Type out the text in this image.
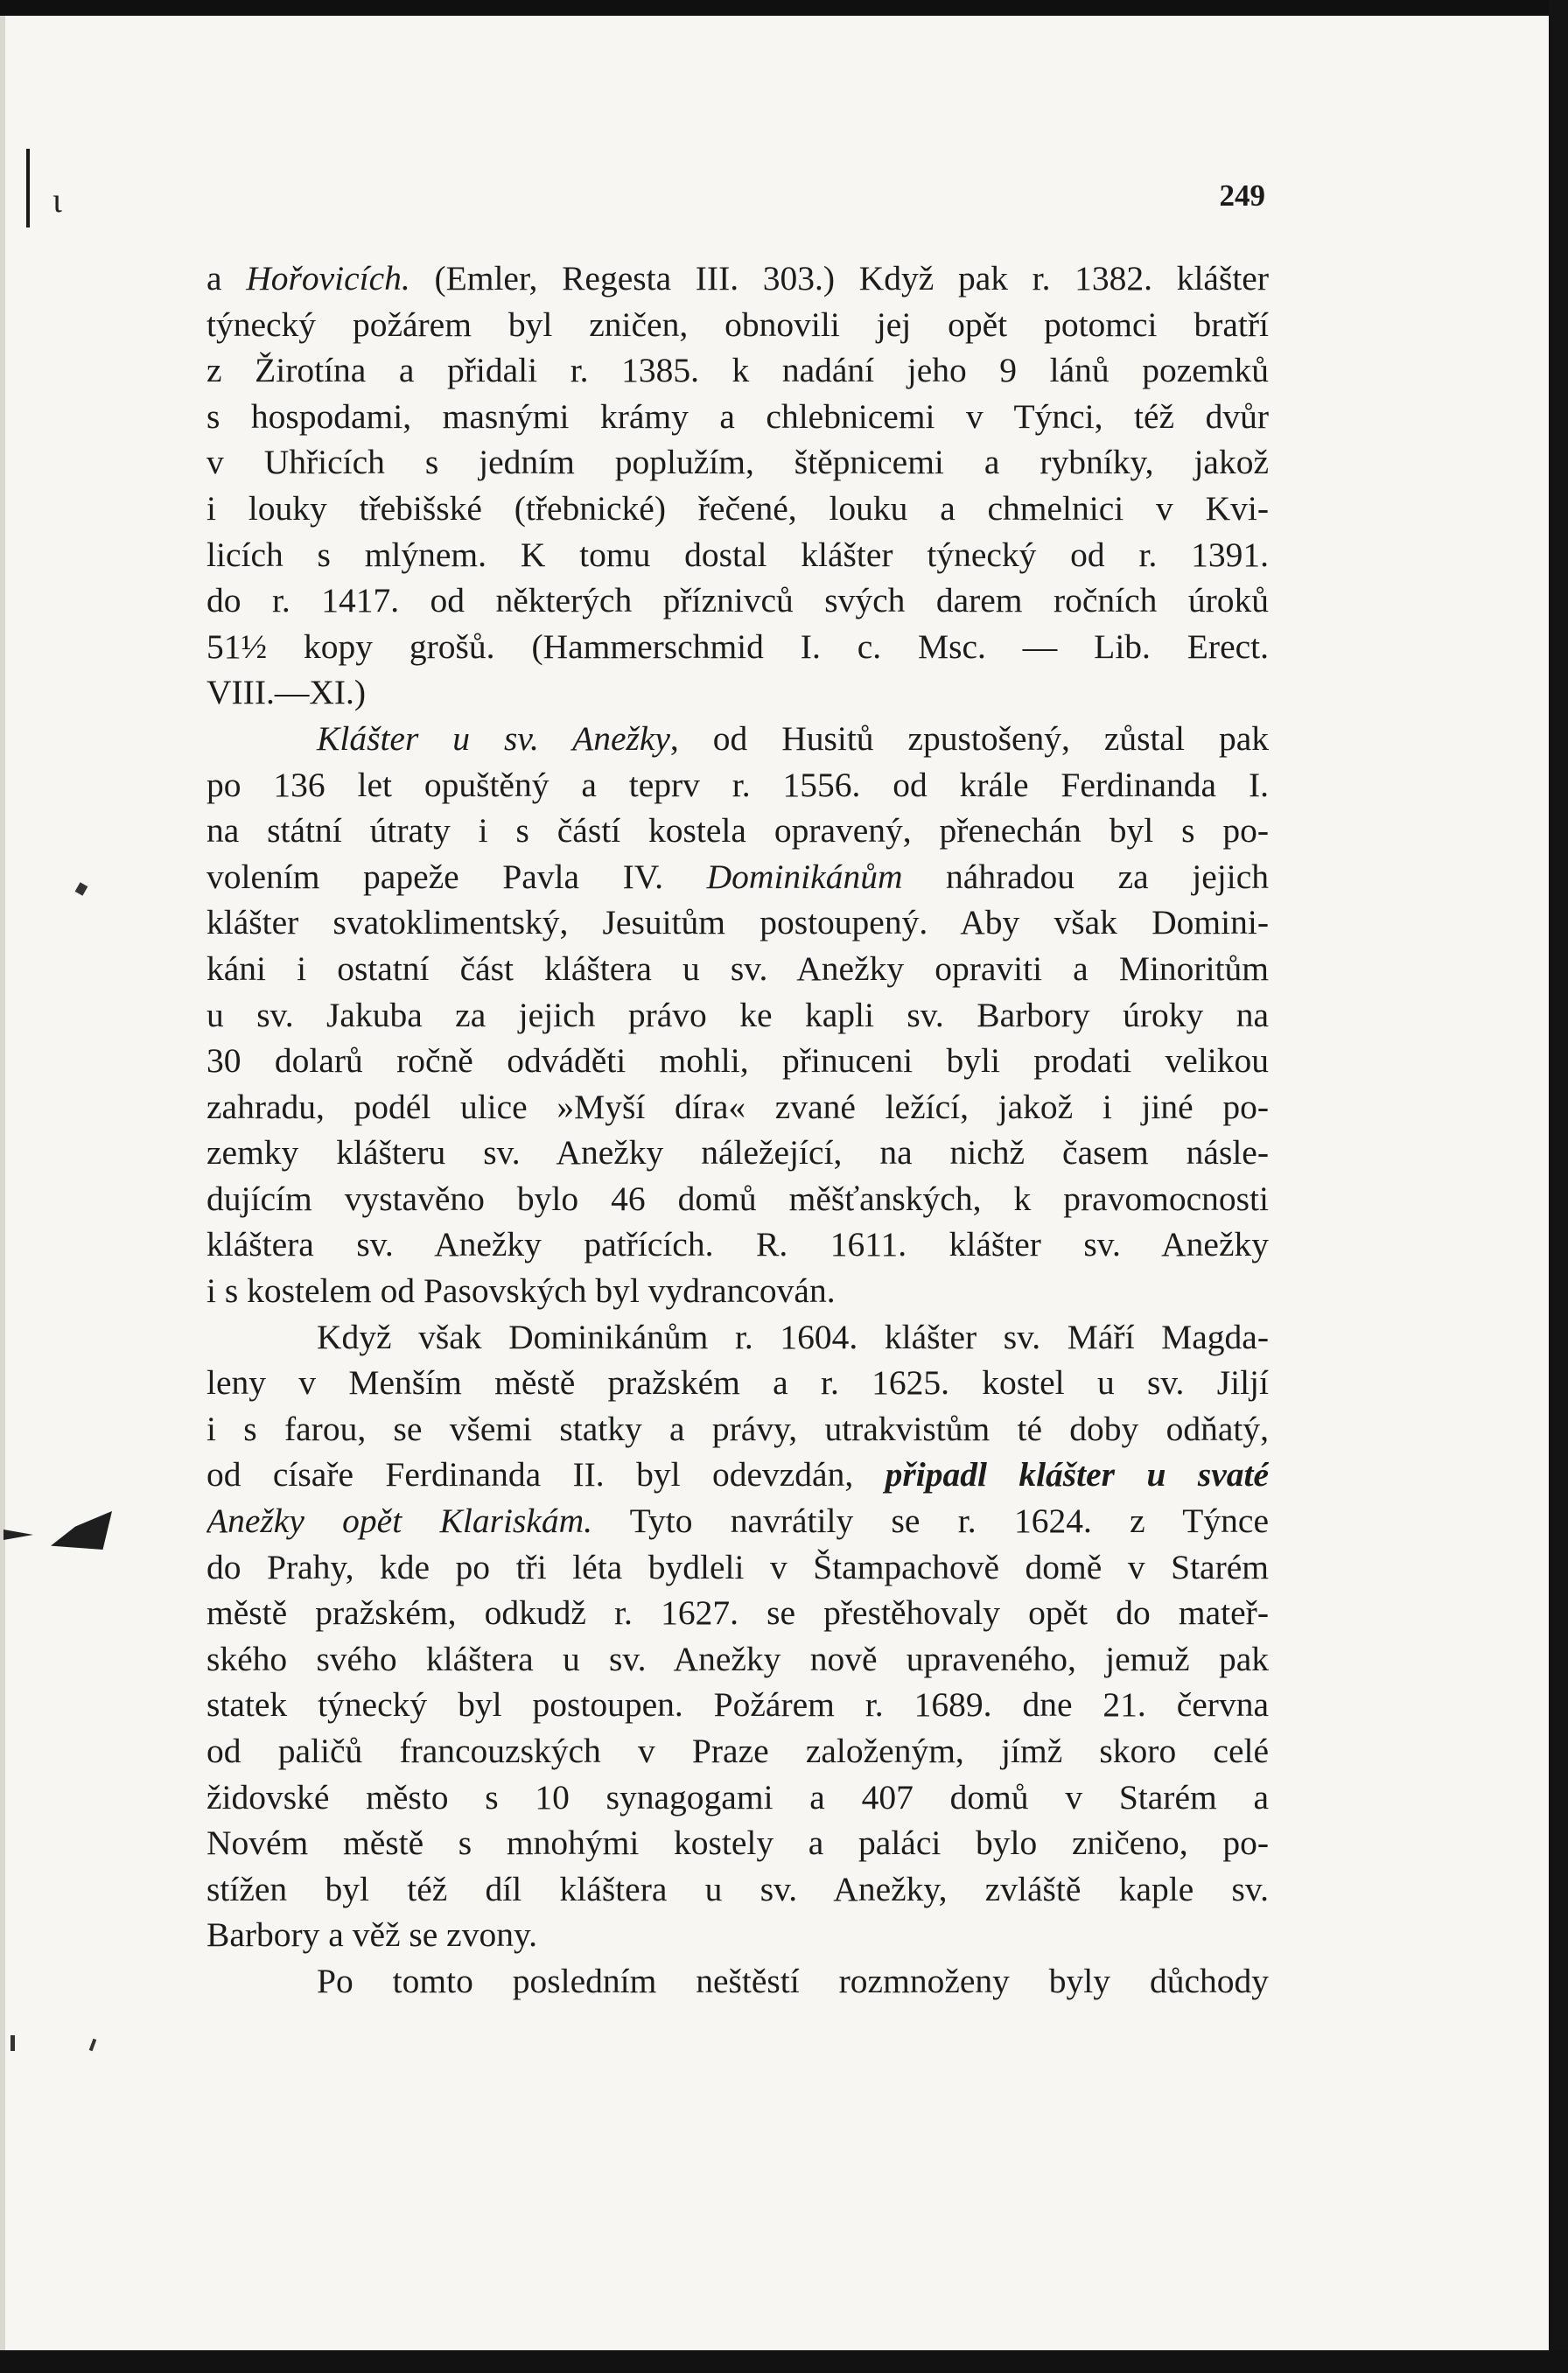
ɩ	249
a Hořovicích. (Emler, Regesta III. 303.) Když pak r. 1382. klášter
týnecký požárem byl zničen, obnovili jej opět potomci bratří
z Žirotína a přidali r. 1385. k nadání jeho 9 lánů pozemků
s hospodami, masnými krámy a chlebnicemi v Týnci, též dvůr
v Uhřicích s jedním poplužím, štěpnicemi a rybníky, jakož
i louky třebišské (třebnické) řečené, louku a chmelnici v Kvi-
licích s mlýnem. K tomu dostal klášter týnecký od r. 1391.
do r. 1417. od některých příznivců svých darem ročních úroků
51½ kopy grošů. (Hammerschmid I. c. Msc. — Lib. Erect.
VIII.—XI.)
Klášter u sv. Anežky, od Husitů zpustošený, zůstal pak
po 136 let opuštěný a teprv r. 1556. od krále Ferdinanda I.
na státní útraty i s částí kostela opravený, přenechán byl s po-
volením papeže Pavla IV. Dominikánům náhradou za jejich
klášter svatoklimentský, Jesuitům postoupený. Aby však Domini-
káni i ostatní část kláštera u sv. Anežky opraviti a Minoritům
u sv. Jakuba za jejich právo ke kapli sv. Barbory úroky na
30 dolarů ročně odváděti mohli, přinuceni byli prodati velikou
zahradu, podél ulice »Myší díra« zvané ležící, jakož i jiné po-
zemky klášteru sv. Anežky náležející, na nichž časem násle-
dujícím vystavěno bylo 46 domů měšťanských, k pravomocnosti
kláštera sv. Anežky patřících. R. 1611. klášter sv. Anežky
i s kostelem od Pasovských byl vydrancován.
Když však Dominikánům r. 1604. klášter sv. Máří Magda-
leny v Menším městě pražském a r. 1625. kostel u sv. Jiljí
i s farou, se všemi statky a právy, utrakvistům té doby odňatý,
od císaře Ferdinanda II. byl odevzdán, připadl klášter u svaté
Anežky opět Klariskám. Tyto navrátily se r. 1624. z Týnce
do Prahy, kde po tři léta bydleli v Štampachově domě v Starém
městě pražském, odkudž r. 1627. se přestěhovaly opět do mateř-
ského svého kláštera u sv. Anežky nově upraveného, jemuž pak
statek týnecký byl postoupen. Požárem r. 1689. dne 21. června
od paličů francouzských v Praze založeným, jímž skoro celé
židovské město s 10 synagogami a 407 domů v Starém a
Novém městě s mnohými kostely a paláci bylo zničeno, po-
stížen byl též díl kláštera u sv. Anežky, zvláště kaple sv.
Barbory a věž se zvony.
Po tomto posledním neštěstí rozmnoženy byly důchody
